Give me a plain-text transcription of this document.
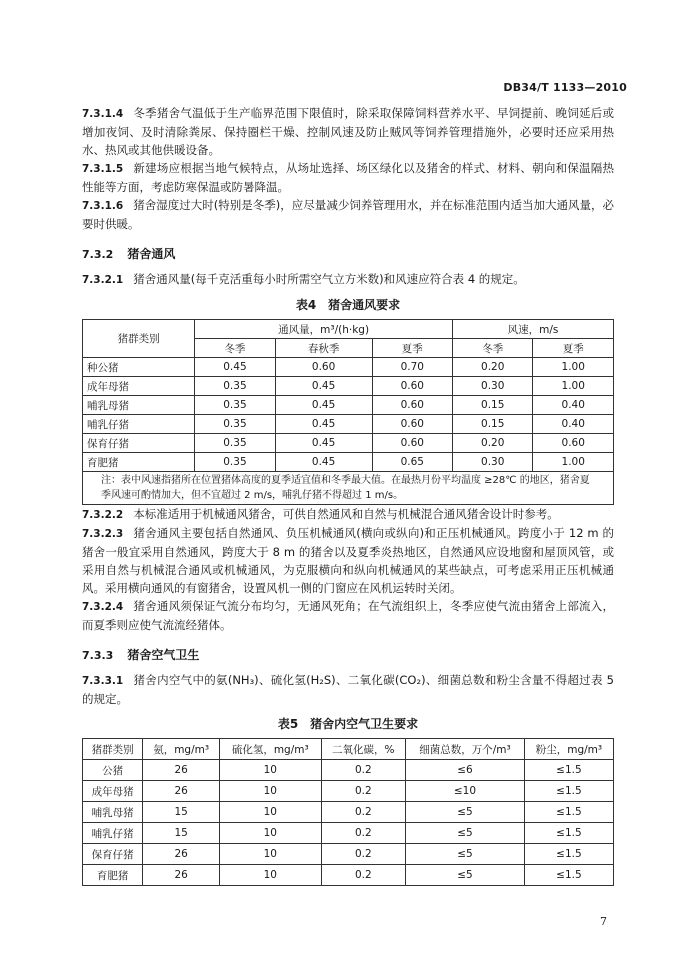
DB34/T 1133—2010

7.3.1.4 冬季猪舍气温低于生产临界范围下限值时，除采取保障饲料营养水平、早饲提前、晚饲延后或增加夜饲、及时清除粪尿、保持圈栏干燥、控制风速及防止贼风等饲养管理措施外，必要时还应采用热水、热风或其他供暖设备。

7.3.1.5 新建场应根据当地气候特点，从场址选择、场区绿化以及猪舍的样式、材料、朝向和保温隔热性能等方面，考虑防寒保温或防暑降温。

7.3.1.6 猪舍湿度过大时(特别是冬季)，应尽量减少饲养管理用水，并在标准范围内适当加大通风量，必要时供暖。

7.3.2 猪舍通风

7.3.2.1 猪舍通风量(每千克活重每小时所需空气立方米数)和风速应符合表 4 的规定。

表4　猪舍通风要求
猪群类别	通风量，m³/(h·kg)			风速，m/s	
	冬季	春秋季	夏季	冬季	夏季
种公猪	0.45	0.60	0.70	0.20	1.00
成年母猪	0.35	0.45	0.60	0.30	1.00
哺乳母猪	0.35	0.45	0.60	0.15	0.40
哺乳仔猪	0.35	0.45	0.60	0.15	0.40
保育仔猪	0.35	0.45	0.60	0.20	0.60
育肥猪	0.35	0.45	0.65	0.30	1.00
注：表中风速指猪所在位置猪体高度的夏季适宜值和冬季最大值。在最热月份平均温度 ≥28℃ 的地区，猪舍夏季风速可酌情加大，但不宜超过 2 m/s，哺乳仔猪不得超过 1 m/s。					

7.3.2.2 本标准适用于机械通风猪舍，可供自然通风和自然与机械混合通风猪舍设计时参考。

7.3.2.3 猪舍通风主要包括自然通风、负压机械通风(横向或纵向)和正压机械通风。跨度小于 12 m 的猪舍一般宜采用自然通风，跨度大于 8 m 的猪舍以及夏季炎热地区，自然通风应设地窗和屋顶风管，或采用自然与机械混合通风或机械通风，为克服横向和纵向机械通风的某些缺点，可考虑采用正压机械通风。采用横向通风的有窗猪舍，设置风机一侧的门窗应在风机运转时关闭。

7.3.2.4 猪舍通风须保证气流分布均匀，无通风死角；在气流组织上，冬季应使气流由猪舍上部流入，而夏季则应使气流流经猪体。

7.3.3 猪舍空气卫生

7.3.3.1 猪舍内空气中的氨(NH₃)、硫化氢(H₂S)、二氧化碳(CO₂)、细菌总数和粉尘含量不得超过表 5 的规定。

表5　猪舍内空气卫生要求
猪群类别	氨，mg/m³	硫化氢，mg/m³	二氧化碳，%	细菌总数，万个/m³	粉尘，mg/m³
公猪	26	10	0.2	≤6	≤1.5
成年母猪	26	10	0.2	≤10	≤1.5
哺乳母猪	15	10	0.2	≤5	≤1.5
哺乳仔猪	15	10	0.2	≤5	≤1.5
保育仔猪	26	10	0.2	≤5	≤1.5
育肥猪	26	10	0.2	≤5	≤1.5
7
